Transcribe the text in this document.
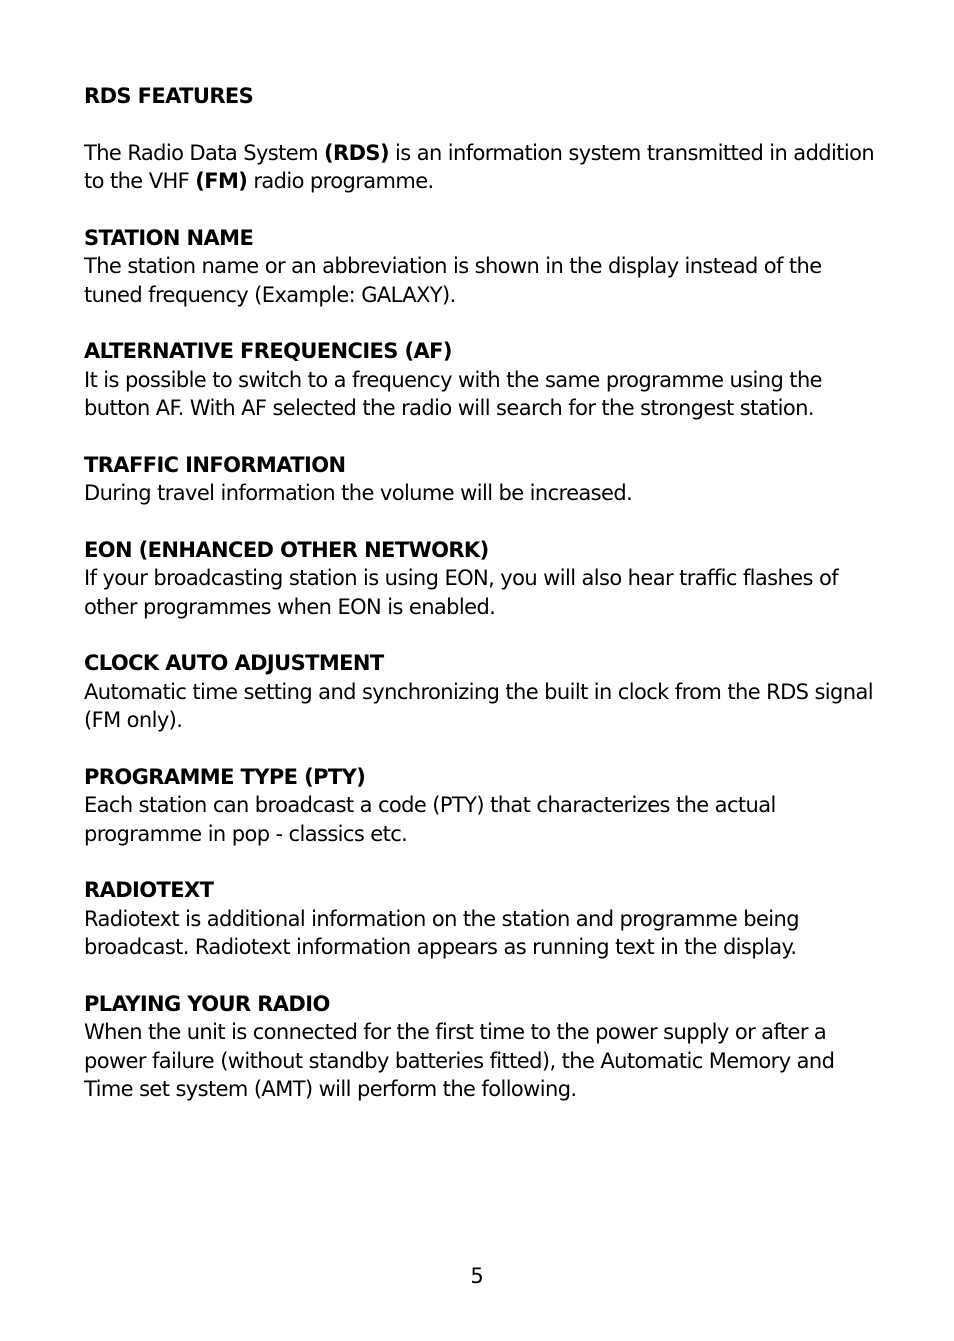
RDS FEATURES

The Radio Data System (RDS) is an information system transmitted in addition to the VHF (FM) radio programme.

STATION NAME

The station name or an abbreviation is shown in the display instead of the tuned frequency (Example: GALAXY).

ALTERNATIVE FREQUENCIES (AF)

It is possible to switch to a frequency with the same programme using the button AF. With AF selected the radio will search for the strongest station.

TRAFFIC INFORMATION

During travel information the volume will be increased.

EON (ENHANCED OTHER NETWORK)

If your broadcasting station is using EON, you will also hear traffic flashes of other programmes when EON is enabled.

CLOCK AUTO ADJUSTMENT

Automatic time setting and synchronizing the built in clock from the RDS signal (FM only).

PROGRAMME TYPE (PTY)

Each station can broadcast a code (PTY) that characterizes the actual programme in pop - classics etc.

RADIOTEXT

Radiotext is additional information on the station and programme being broadcast. Radiotext information appears as running text in the display.

PLAYING YOUR RADIO

When the unit is connected for the first time to the power supply or after a power failure (without standby batteries fitted), the Automatic Memory and Time set system (AMT) will perform the following.

5
